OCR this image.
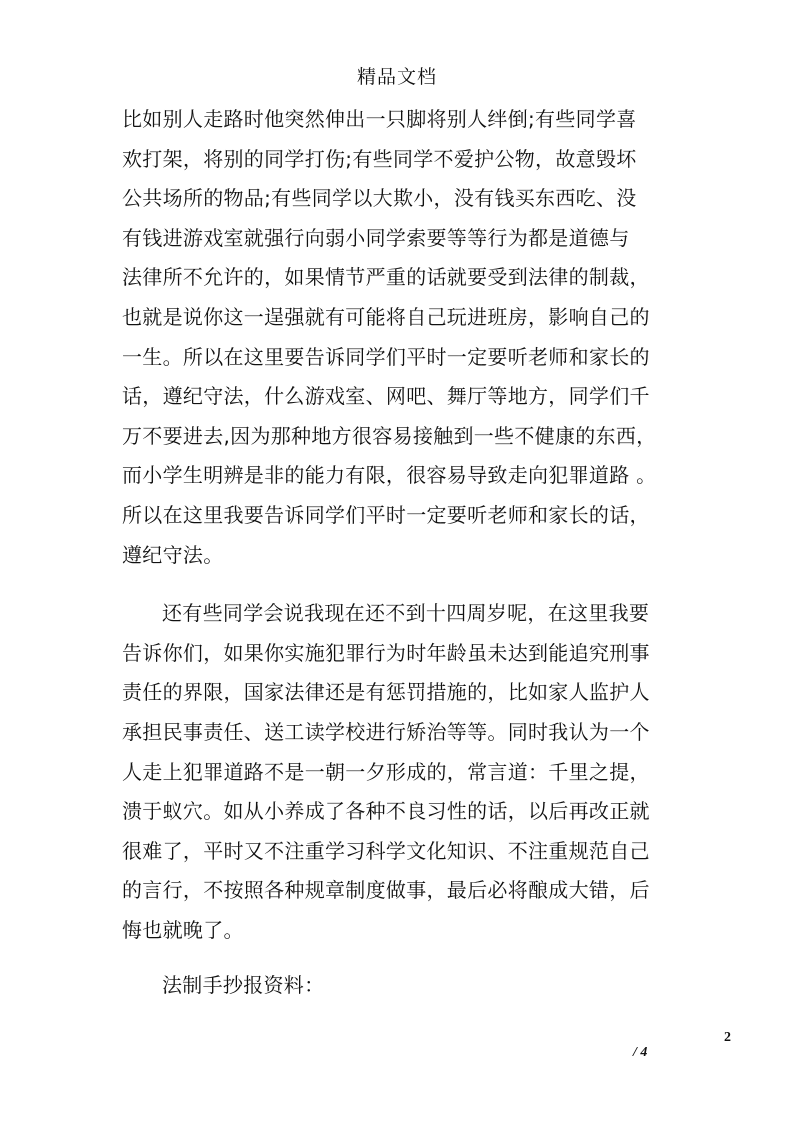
精品文档
比如别人走路时他突然伸出一只脚将别人绊倒;有些同学喜
欢打架，将别的同学打伤;有些同学不爱护公物，故意毁坏
公共场所的物品;有些同学以大欺小，没有钱买东西吃、没
有钱进游戏室就强行向弱小同学索要等等行为都是道德与
法律所不允许的，如果情节严重的话就要受到法律的制裁，
也就是说你这一逞强就有可能将自己玩进班房，影响自己的
一生。所以在这里要告诉同学们平时一定要听老师和家长的
话，遵纪守法，什么游戏室、网吧、舞厅等地方，同学们千
万不要进去,因为那种地方很容易接触到一些不健康的东西，
而小学生明辨是非的能力有限，很容易导致走向犯罪道路 。
所以在这里我要告诉同学们平时一定要听老师和家长的话，
遵纪守法。
还有些同学会说我现在还不到十四周岁呢，在这里我要
告诉你们，如果你实施犯罪行为时年龄虽未达到能追究刑事
责任的界限，国家法律还是有惩罚措施的，比如家人监护人
承担民事责任、送工读学校进行矫治等等。同时我认为一个
人走上犯罪道路不是一朝一夕形成的，常言道：千里之提，
溃于蚁穴。如从小养成了各种不良习性的话，以后再改正就
很难了，平时又不注重学习科学文化知识、不注重规范自己
的言行，不按照各种规章制度做事，最后必将酿成大错，后
悔也就晚了。
法制手抄报资料：
2
/ 4
